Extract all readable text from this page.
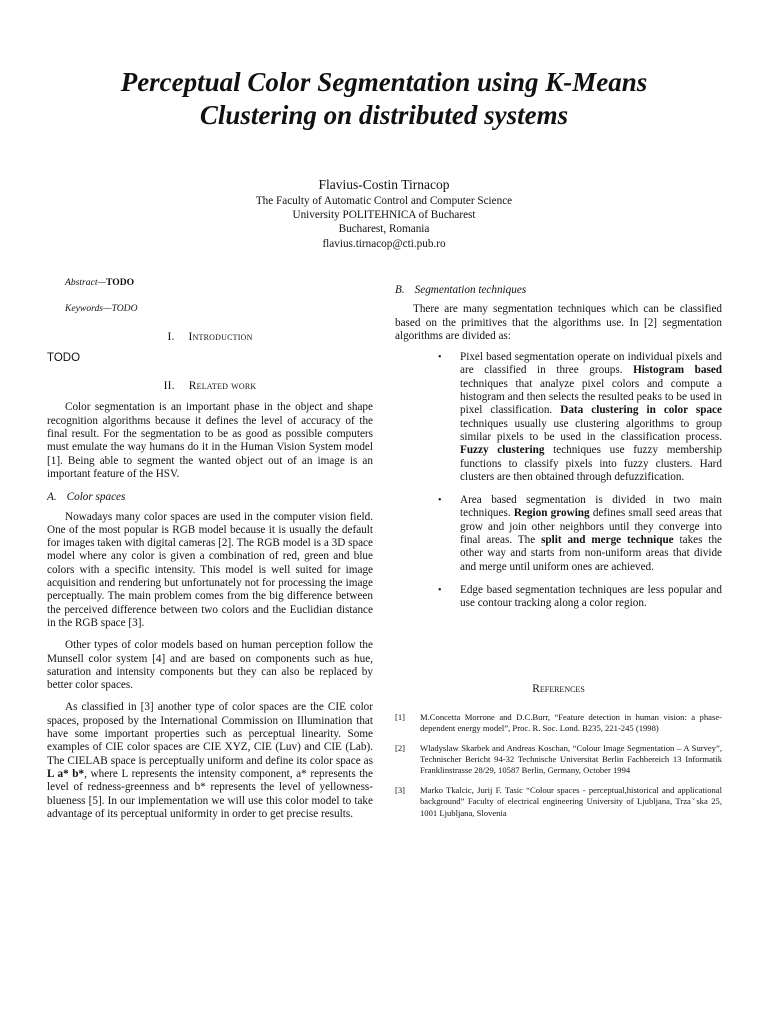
Perceptual Color Segmentation using K-Means
Clustering on distributed systems
Flavius-Costin Tirnacop
The Faculty of Automatic Control and Computer Science
University POLITEHNICA of Bucharest
Bucharest, Romania
flavius.tirnacop@cti.pub.ro

Abstract—TODO

Keywords—TODO

I. Introduction

TODO

II. Related work

Color segmentation is an important phase in the object and shape recognition algorithms because it defines the level of accuracy of the final result. For the segmentation to be as good as possible computers must emulate the way humans do it in the Human Vision System model [1]. Being able to segment the wanted object out of an image is an important feature of the HSV.

A. Color spaces

Nowadays many color spaces are used in the computer vision field. One of the most popular is RGB model because it is usually the default for images taken with digital cameras [2]. The RGB model is a 3D space model where any color is given a combination of red, green and blue colors with a specific intensity. This model is well suited for image acquisition and rendering but unfortunately not for processing the image perceptually. The main problem comes from the big difference between the perceived difference between two colors and the Euclidian distance in the RGB space [3].

Other types of color models based on human perception follow the Munsell color system [4] and are based on components such as hue, saturation and intensity components but they can also be replaced by better color spaces.

As classified in [3] another type of color spaces are the CIE color spaces, proposed by the International Commission on Illumination that have some important properties such as perceptual linearity. Some examples of CIE color spaces are CIE XYZ, CIE (Luv) and CIE (Lab). The CIELAB space is perceptually uniform and define its color space as L a* b*, where L represents the intensity component, a* represents the level of redness-greenness and b* represents the level of yellowness-blueness [5]. In our implementation we will use this color model to take advantage of its perceptual uniformity in order to get precise results.

B. Segmentation techniques

There are many segmentation techniques which can be classified based on the primitives that the algorithms use. In [2] segmentation algorithms are divided as:

• Pixel based segmentation operate on individual pixels and are classified in three groups. Histogram based techniques that analyze pixel colors and compute a histogram and then selects the resulted peaks to be used in pixel classification. Data clustering in color space techniques usually use clustering algorithms to group similar pixels to be used in the classification process. Fuzzy clustering techniques use fuzzy membership functions to classify pixels into fuzzy clusters. Hard clusters are then obtained through defuzzification.
• Area based segmentation is divided in two main techniques. Region growing defines small seed areas that grow and join other neighbors until they converge into final areas. The split and merge technique takes the other way and starts from non-uniform areas that divide and merge until uniform ones are achieved.
• Edge based segmentation techniques are less popular and use contour tracking along a color region.
References
[1] M.Concetta Morrone and D.C.Burr, “Feature detection in human vision: a phase-dependent energy model”, Proc. R. Soc. Lond. B235, 221-245 (1998)
[2] Wladyslaw Skarbek and Andreas Koschan, “Colour Image Segmentation – A Survey”, Technischer Bericht 94-32 Technische Universitat Berlin Fachbereich 13 Informatik Franklinstrasse 28/29, 10587 Berlin, Germany, October 1994
[3] Marko Tkalcic, Jurij F. Tasic “Colour spaces - perceptual,historical and applicational background” Faculty of electrical engineering University of Ljubljana, Trzaˇska 25, 1001 Ljubljana, Slovenia
